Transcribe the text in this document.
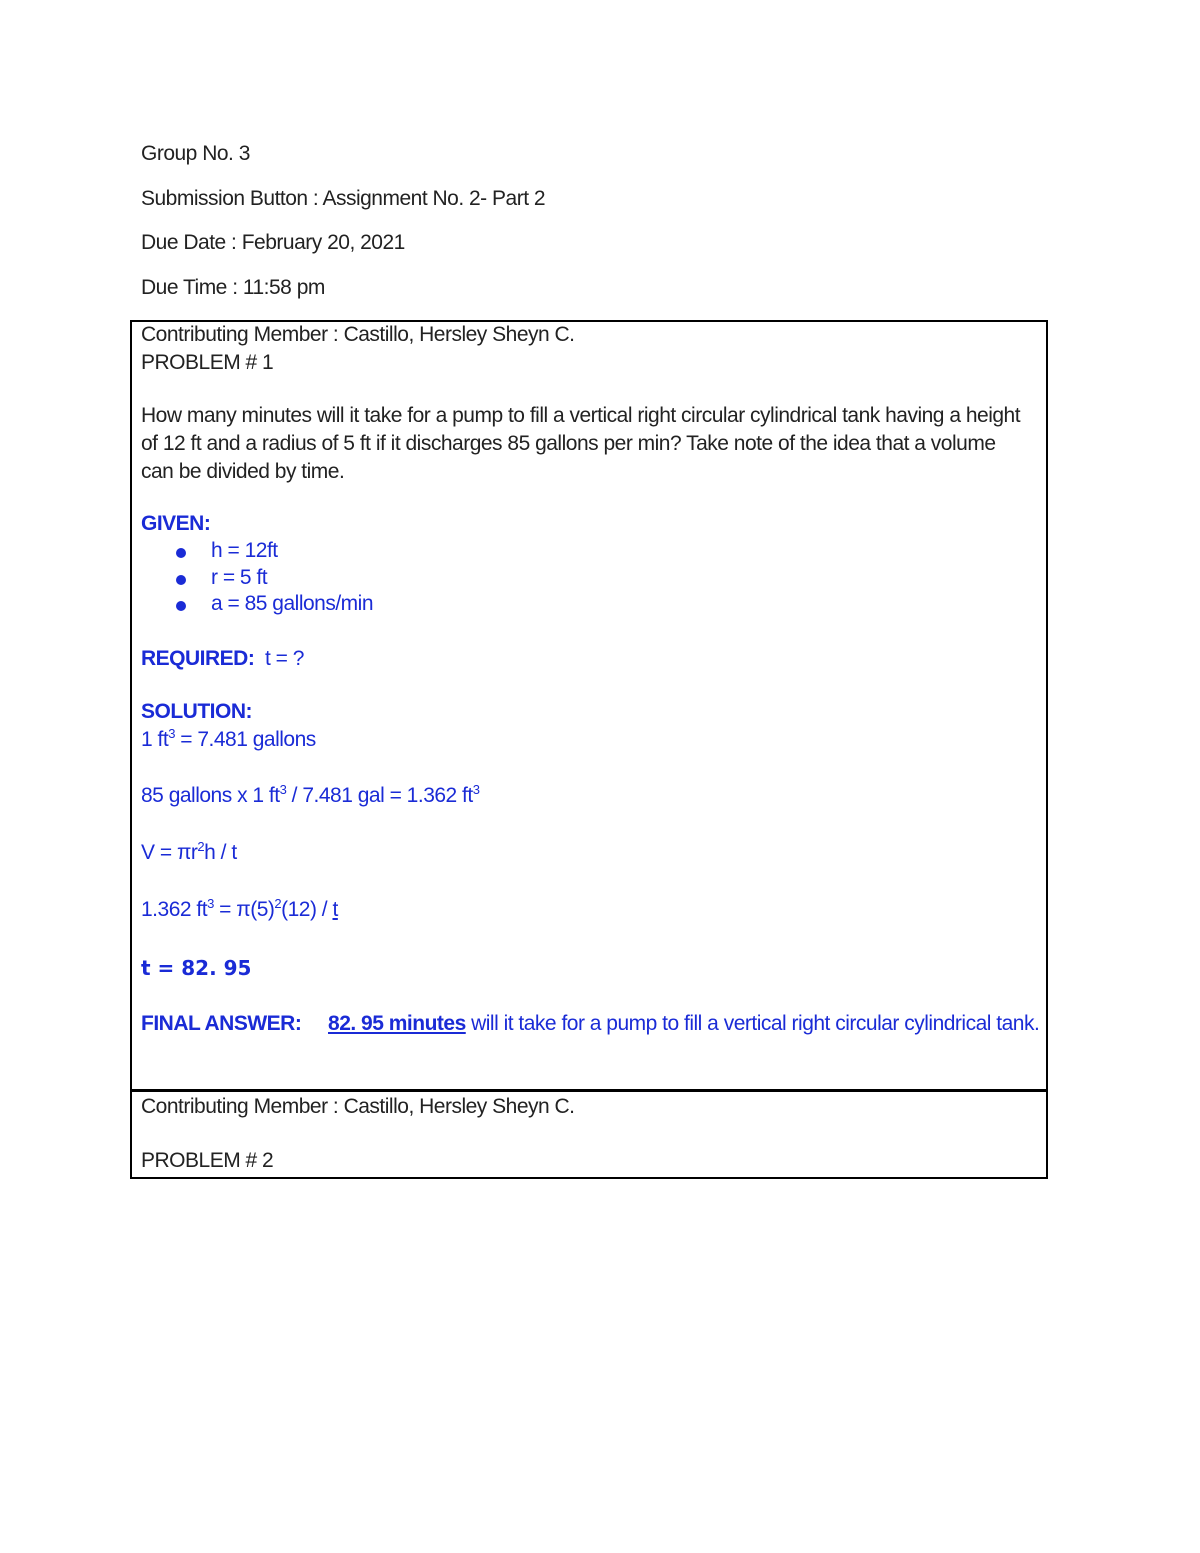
Group No. 3
Submission Button : Assignment No. 2- Part 2
Due Date : February 20, 2021
Due Time : 11:58 pm
Contributing Member : Castillo, Hersley Sheyn C.
PROBLEM # 1
How many minutes will it take for a pump to fill a vertical right circular cylindrical tank having a height of 12 ft and a radius of 5 ft if it discharges 85 gallons per min? Take note of the idea that a volume can be divided by time.
GIVEN:
h = 12ft
r = 5 ft
a = 85 gallons/min
REQUIRED: t = ?
SOLUTION:
1 $ft^3 = 7.481$ gallons
85 gallons x 1 $ft^3 / 7.481$ gal = 1.362 $ft^3$
$V = \pi r^2h / t$
1.362 $ft^3 = \pi(5)^2(12) / t$
t = 82. 95
FINAL ANSWER: 82. 95 minutes will it take for a pump to fill a vertical right circular cylindrical tank.
Contributing Member : Castillo, Hersley Sheyn C.
PROBLEM # 2
